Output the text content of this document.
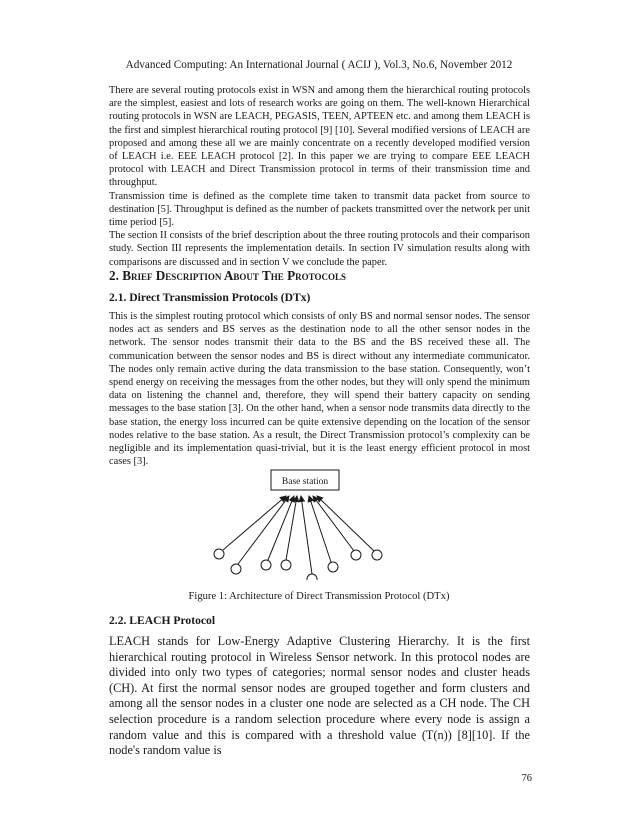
Advanced Computing: An International Journal ( ACIJ ), Vol.3, No.6, November 2012

There are several routing protocols exist in WSN and among them the hierarchical routing protocols are the simplest, easiest and lots of research works are going on them. The well-known Hierarchical routing protocols in WSN are LEACH, PEGASIS, TEEN, APTEEN etc. and among them LEACH is the first and simplest hierarchical routing protocol [9] [10]. Several modified versions of LEACH are proposed and among these all we are mainly concentrate on a recently developed modified version of LEACH i.e. EEE LEACH protocol [2]. In this paper we are trying to compare EEE LEACH protocol with LEACH and Direct Transmission protocol in terms of their transmission time and throughput.

Transmission time is defined as the complete time taken to transmit data packet from source to destination [5]. Throughput is defined as the number of packets transmitted over the network per unit time period [5].

The section II consists of the brief description about the three routing protocols and their comparison study. Section III represents the implementation details. In section IV simulation results along with comparisons are discussed and in section V we conclude the paper.

2. Brief Description About The Protocols
2.1. Direct Transmission Protocols (DTx)

This is the simplest routing protocol which consists of only BS and normal sensor nodes. The sensor nodes act as senders and BS serves as the destination node to all the other sensor nodes in the network. The sensor nodes transmit their data to the BS and the BS received these all. The communication between the sensor nodes and BS is direct without any intermediate communicator. The nodes only remain active during the data transmission to the base station. Consequently, won’t spend energy on receiving the messages from the other nodes, but they will only spend the minimum data on listening the channel and, therefore, they will spend their battery capacity on sending messages to the base station [3]. On the other hand, when a sensor node transmits data directly to the base station, the energy loss incurred can be quite extensive depending on the location of the sensor nodes relative to the base station. As a result, the Direct Transmission protocol’s complexity can be negligible and its implementation quasi-trivial, but it is the least energy efficient protocol in most cases [3].

Base station
Figure 1: Architecture of Direct Transmission Protocol (DTx)
2.2. LEACH Protocol

LEACH stands for Low-Energy Adaptive Clustering Hierarchy. It is the first hierarchical routing protocol in Wireless Sensor network. In this protocol nodes are divided into only two types of categories; normal sensor nodes and cluster heads (CH). At first the normal sensor nodes are grouped together and form clusters and among all the sensor nodes in a cluster one node are selected as a CH node. The CH selection procedure is a random selection procedure where every node is assign a random value and this is compared with a threshold value (T(n)) [8][10]. If the node's random value is

76
